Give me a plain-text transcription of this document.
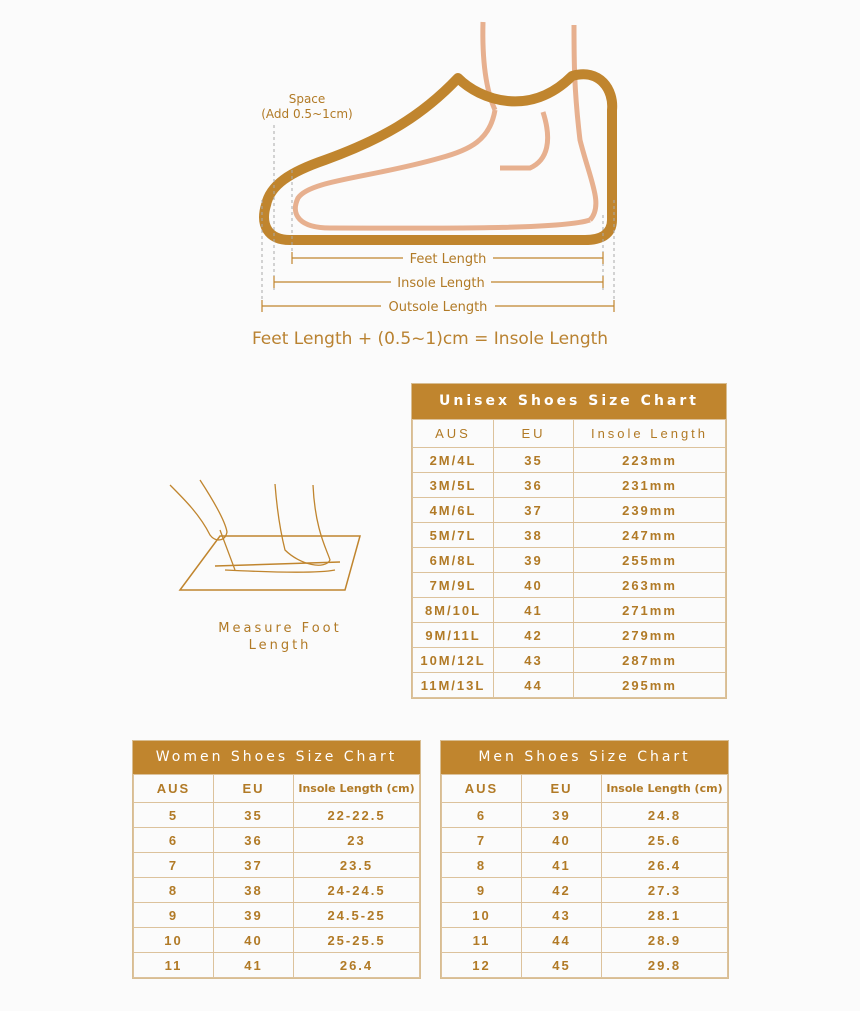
Feet Length
Insole Length
Outsole Length
Space
(Add 0.5~1cm)
Feet Length + (0.5~1)cm = Insole Length
Measure Foot
Length
Unisex Shoes Size Chart
AUS	EU	Insole Length
2M/4L	35	223mm
3M/5L	36	231mm
4M/6L	37	239mm
5M/7L	38	247mm
6M/8L	39	255mm
7M/9L	40	263mm
8M/10L	41	271mm
9M/11L	42	279mm
10M/12L	43	287mm
11M/13L	44	295mm
Women Shoes Size Chart
AUS	EU	Insole Length (cm)
5	35	22-22.5
6	36	23
7	37	23.5
8	38	24-24.5
9	39	24.5-25
10	40	25-25.5
11	41	26.4
Men Shoes Size Chart
AUS	EU	Insole Length (cm)
6	39	24.8
7	40	25.6
8	41	26.4
9	42	27.3
10	43	28.1
11	44	28.9
12	45	29.8
